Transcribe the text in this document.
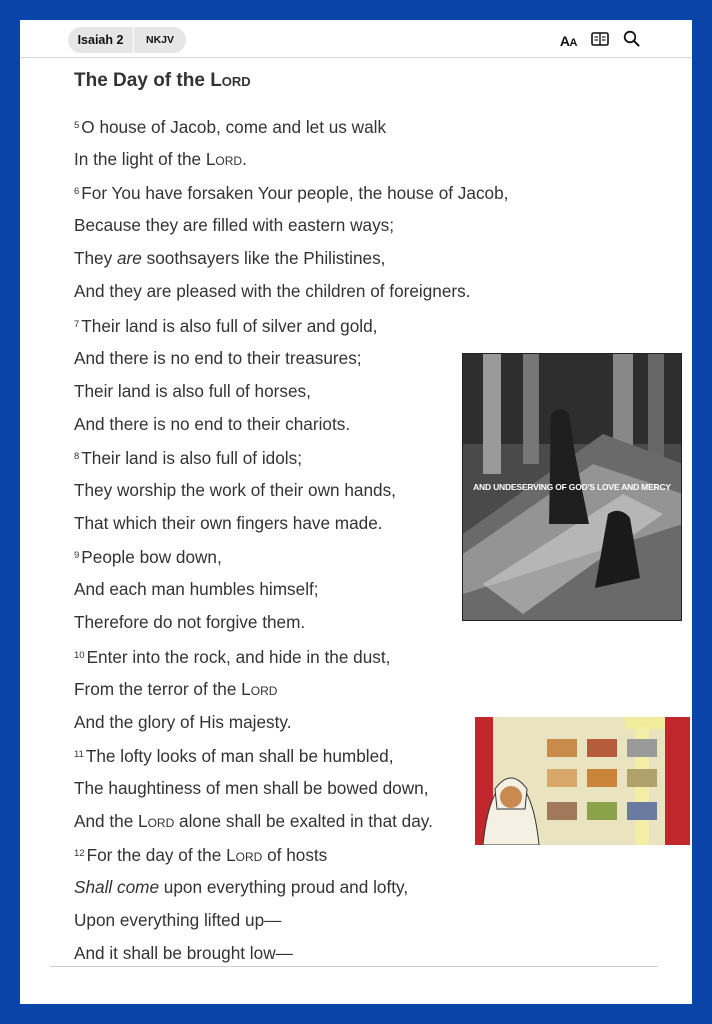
Isaiah 2	NKJV	AA
The Day of the Lord
$^5$ O house of Jacob, come and let us walk
In the light of the Lord.
$^6$ For You have forsaken Your people, the house of Jacob,
Because they are filled with eastern ways;
They are soothsayers like the Philistines,
And they are pleased with the children of foreigners.
$^7$ Their land is also full of silver and gold,
And there is no end to their treasures;
Their land is also full of horses,
And there is no end to their chariots.
$^8$ Their land is also full of idols;
They worship the work of their own hands,
That which their own fingers have made.
$^9$ People bow down,
And each man humbles himself;
Therefore do not forgive them.
$^{10}$ Enter into the rock, and hide in the dust,
From the terror of the Lord
And the glory of His majesty.
$^{11}$ The lofty looks of man shall be humbled,
The haughtiness of men shall be bowed down,
And the Lord alone shall be exalted in that day.
$^{12}$ For the day of the Lord of hosts
Shall come upon everything proud and lofty,
Upon everything lifted up—
And it shall be brought low—
AND UNDESERVING OF GOD'S LOVE AND MERCY
